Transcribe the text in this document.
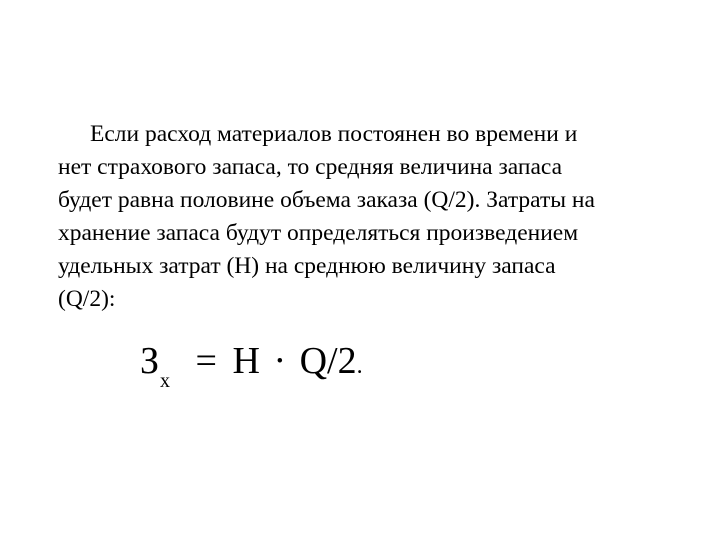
Если расход материалов постоянен во времени и
нет страхового запаса, то средняя величина запаса
будет равна половине объема заказа (Q/2). Затраты на
хранение запаса будут определяться произведением
удельных затрат (H) на среднюю величину запаса
(Q/2):
Зх = H · Q/2.
